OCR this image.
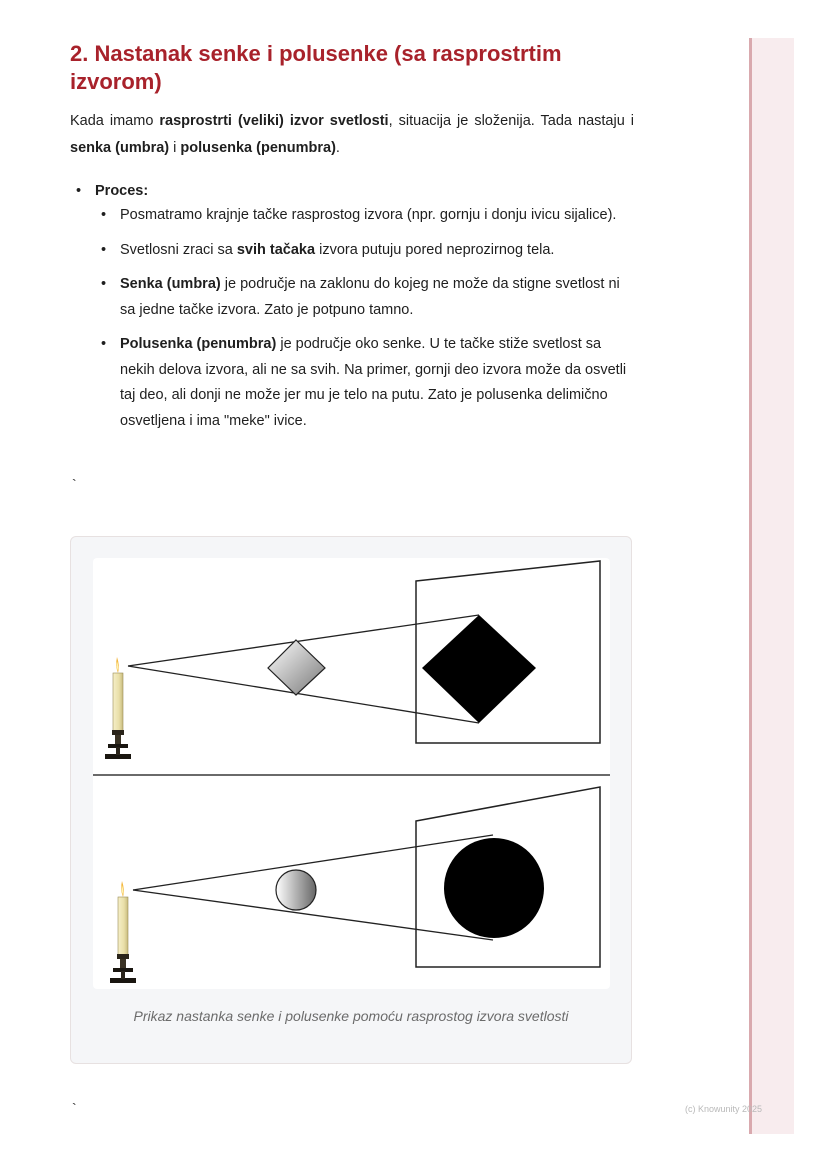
2. Nastanak senke i polusenke (sa rasprostrtim izvorom)

Kada imamo rasprostrti (veliki) izvor svetlosti, situacija je složenija. Tada nastaju i senka (umbra) i polusenka (penumbra).

• Proces:
• Posmatramo krajnje tačke rasprostog izvora (npr. gornju i donju ivicu sijalice).
• Svetlosni zraci sa svih tačaka izvora putuju pored neprozirnog tela.
• Senka (umbra) je područje na zaklonu do kojeg ne može da stigne svetlost ni sa jedne tačke izvora. Zato je potpuno tamno.
• Polusenka (penumbra) je područje oko senke. U te tačke stiže svetlost sa nekih delova izvora, ali ne sa svih. Na primer, gornji deo izvora može da osvetli taj deo, ali donji ne može jer mu je telo na putu. Zato je polusenka delimično osvetljena i ima "meke" ivice.
`
Prikaz nastanka senke i polusenke pomoću rasprostog izvora svetlosti
`	(c) Knowunity 2025
